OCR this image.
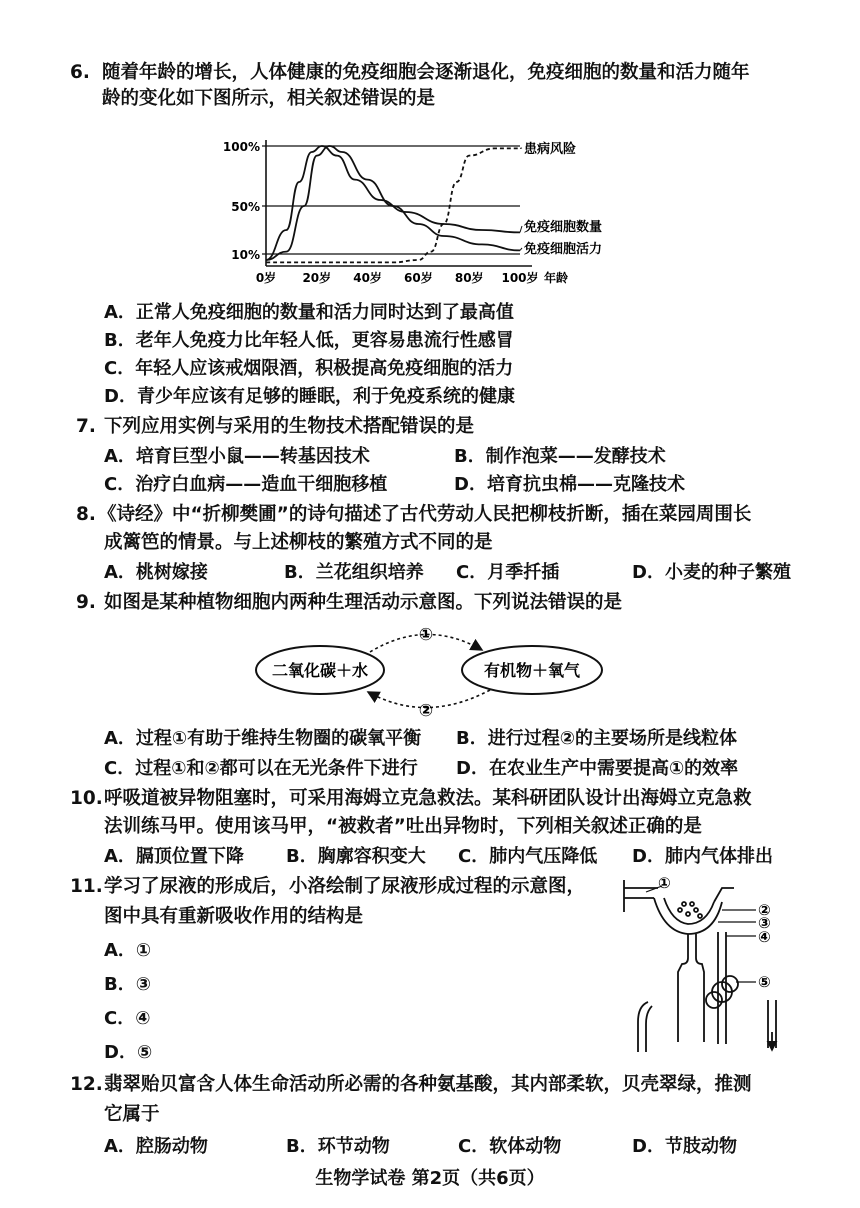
6. 随着年龄的增长，人体健康的免疫细胞会逐渐退化，免疫细胞的数量和活力随年
龄的变化如下图所示，相关叙述错误的是
10%
50%
100%
0岁 20岁 40岁 60岁 80岁 100岁 年龄
患病风险
免疫细胞数量
免疫细胞活力
A．正常人免疫细胞的数量和活力同时达到了最高值
B．老年人免疫力比年轻人低，更容易患流行性感冒
C．年轻人应该戒烟限酒，积极提高免疫细胞的活力
D．青少年应该有足够的睡眠，利于免疫系统的健康
7. 下列应用实例与采用的生物技术搭配错误的是
A．培育巨型小鼠——转基因技术	B．制作泡菜——发酵技术
C．治疗白血病——造血干细胞移植	D．培育抗虫棉——克隆技术
8. 《诗经》中“折柳樊圃”的诗句描述了古代劳动人民把柳枝折断，插在菜园周围长
成篱笆的情景。与上述柳枝的繁殖方式不同的是
A．桃树嫁接	B．兰花组织培养 C．月季扦插	D．小麦的种子繁殖
9. 如图是某种植物细胞内两种生理活动示意图。下列说法错误的是
二氧化碳＋水	有机物＋氧气
①
②
A．过程①有助于维持生物圈的碳氧平衡 B．进行过程②的主要场所是线粒体
C．过程①和②都可以在无光条件下进行 D．在农业生产中需要提高①的效率
10. 呼吸道被异物阻塞时，可采用海姆立克急救法。某科研团队设计出海姆立克急救
法训练马甲。使用该马甲，“被救者”吐出异物时，下列相关叙述正确的是
A．膈顶位置下降 B．胸廓容积变大 C．肺内气压降低 D．肺内气体排出
11. 学习了尿液的形成后，小洛绘制了尿液形成过程的示意图，
图中具有重新吸收作用的结构是
A．①
B．③
C．④
D．⑤
①
②
③
④
⑤
12. 翡翠贻贝富含人体生命活动所必需的各种氨基酸，其内部柔软，贝壳翠绿，推测
它属于
A．腔肠动物	B．环节动物	C．软体动物	D．节肢动物
生物学试卷 第2页（共6页）
